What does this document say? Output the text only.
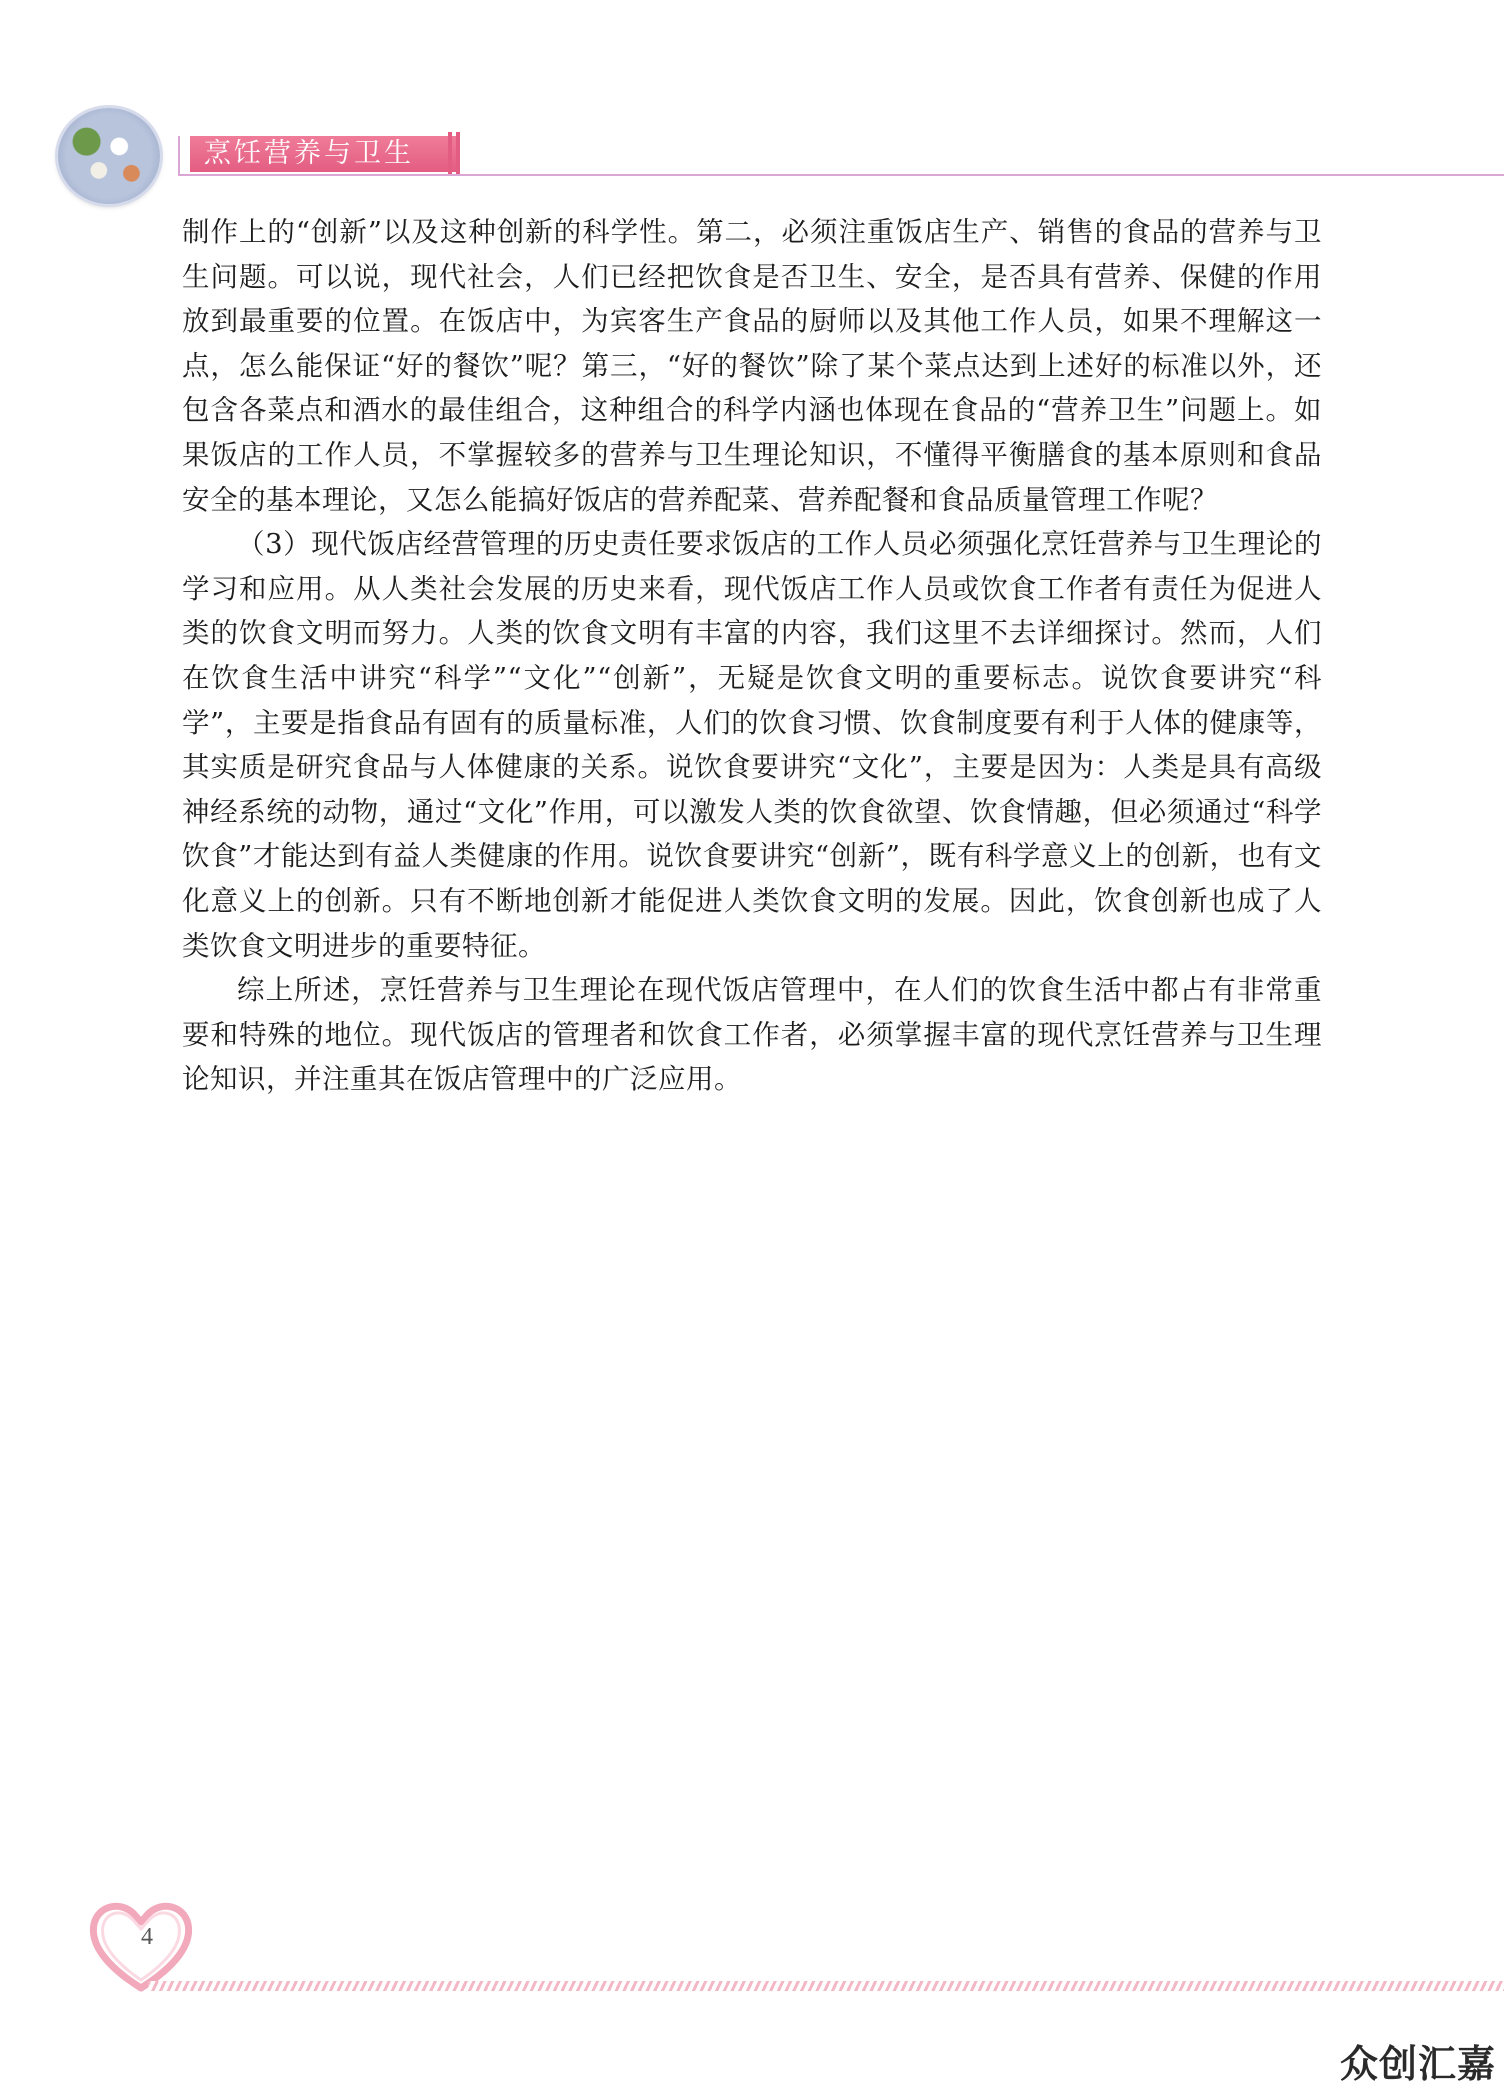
烹饪营养与卫生

制作上的“创新”以及这种创新的科学性。第二，必须注重饭店生产、销售的食品的营养与卫生问题。可以说，现代社会，人们已经把饮食是否卫生、安全，是否具有营养、保健的作用放到最重要的位置。在饭店中，为宾客生产食品的厨师以及其他工作人员，如果不理解这一点，怎么能保证“好的餐饮”呢？第三，“好的餐饮”除了某个菜点达到上述好的标准以外，还包含各菜点和酒水的最佳组合，这种组合的科学内涵也体现在食品的“营养卫生”问题上。如果饭店的工作人员，不掌握较多的营养与卫生理论知识，不懂得平衡膳食的基本原则和食品安全的基本理论，又怎么能搞好饭店的营养配菜、营养配餐和食品质量管理工作呢？

（3）现代饭店经营管理的历史责任要求饭店的工作人员必须强化烹饪营养与卫生理论的学习和应用。从人类社会发展的历史来看，现代饭店工作人员或饮食工作者有责任为促进人类的饮食文明而努力。人类的饮食文明有丰富的内容，我们这里不去详细探讨。然而，人们在饮食生活中讲究“科学”“文化”“创新”，无疑是饮食文明的重要标志。说饮食要讲究“科学”，主要是指食品有固有的质量标准，人们的饮食习惯、饮食制度要有利于人体的健康等，其实质是研究食品与人体健康的关系。说饮食要讲究“文化”，主要是因为：人类是具有高级神经系统的动物，通过“文化”作用，可以激发人类的饮食欲望、饮食情趣，但必须通过“科学饮食”才能达到有益人类健康的作用。说饮食要讲究“创新”，既有科学意义上的创新，也有文化意义上的创新。只有不断地创新才能促进人类饮食文明的发展。因此，饮食创新也成了人类饮食文明进步的重要特征。

综上所述，烹饪营养与卫生理论在现代饭店管理中，在人们的饮食生活中都占有非常重要和特殊的地位。现代饭店的管理者和饮食工作者，必须掌握丰富的现代烹饪营养与卫生理论知识，并注重其在饭店管理中的广泛应用。

4
众创汇嘉
